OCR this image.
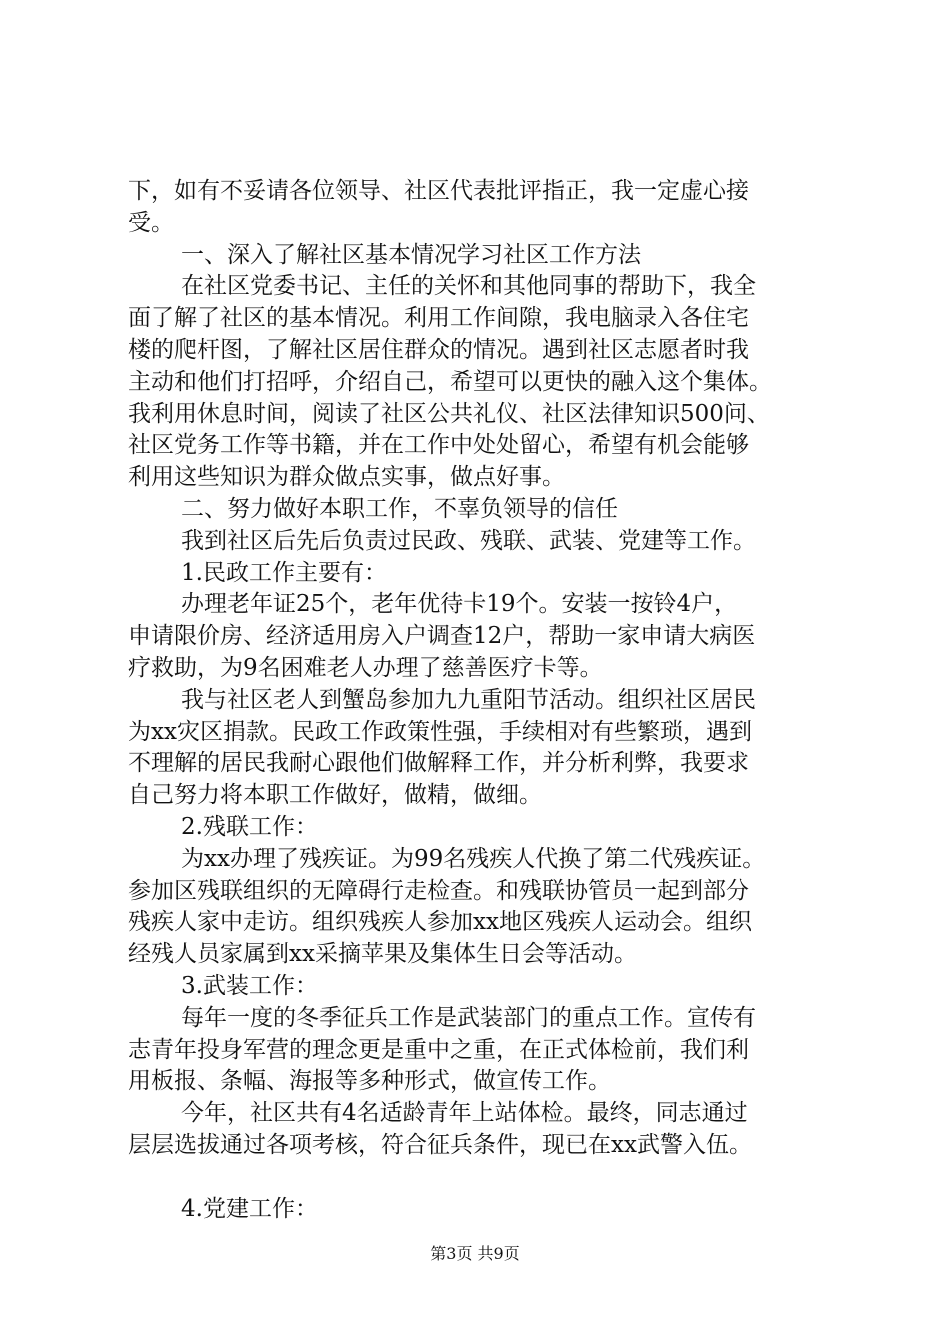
下，如有不妥请各位领导、社区代表批评指正，我一定虚心接
受。
一、深入了解社区基本情况学习社区工作方法
在社区党委书记、主任的关怀和其他同事的帮助下，我全
面了解了社区的基本情况。利用工作间隙，我电脑录入各住宅
楼的爬杆图，了解社区居住群众的情况。遇到社区志愿者时我
主动和他们打招呼，介绍自己，希望可以更快的融入这个集体。
我利用休息时间，阅读了社区公共礼仪、社区法律知识500问、
社区党务工作等书籍，并在工作中处处留心，希望有机会能够
利用这些知识为群众做点实事，做点好事。
二、努力做好本职工作，不辜负领导的信任
我到社区后先后负责过民政、残联、武装、党建等工作。
1.民政工作主要有：
办理老年证25个，老年优待卡19个。安装一按铃4户，
申请限价房、经济适用房入户调查12户，帮助一家申请大病医
疗救助，为9名困难老人办理了慈善医疗卡等。
我与社区老人到蟹岛参加九九重阳节活动。组织社区居民
为xx灾区捐款。民政工作政策性强，手续相对有些繁琐，遇到
不理解的居民我耐心跟他们做解释工作，并分析利弊，我要求
自己努力将本职工作做好，做精，做细。
2.残联工作：
为xx办理了残疾证。为99名残疾人代换了第二代残疾证。
参加区残联组织的无障碍行走检查。和残联协管员一起到部分
残疾人家中走访。组织残疾人参加xx地区残疾人运动会。组织
经残人员家属到xx采摘苹果及集体生日会等活动。
3.武装工作：
每年一度的冬季征兵工作是武装部门的重点工作。宣传有
志青年投身军营的理念更是重中之重，在正式体检前，我们利
用板报、条幅、海报等多种形式，做宣传工作。
今年，社区共有4名适龄青年上站体检。最终，同志通过
层层选拔通过各项考核，符合征兵条件，现已在xx武警入伍。
4.党建工作：
第3页 共9页
